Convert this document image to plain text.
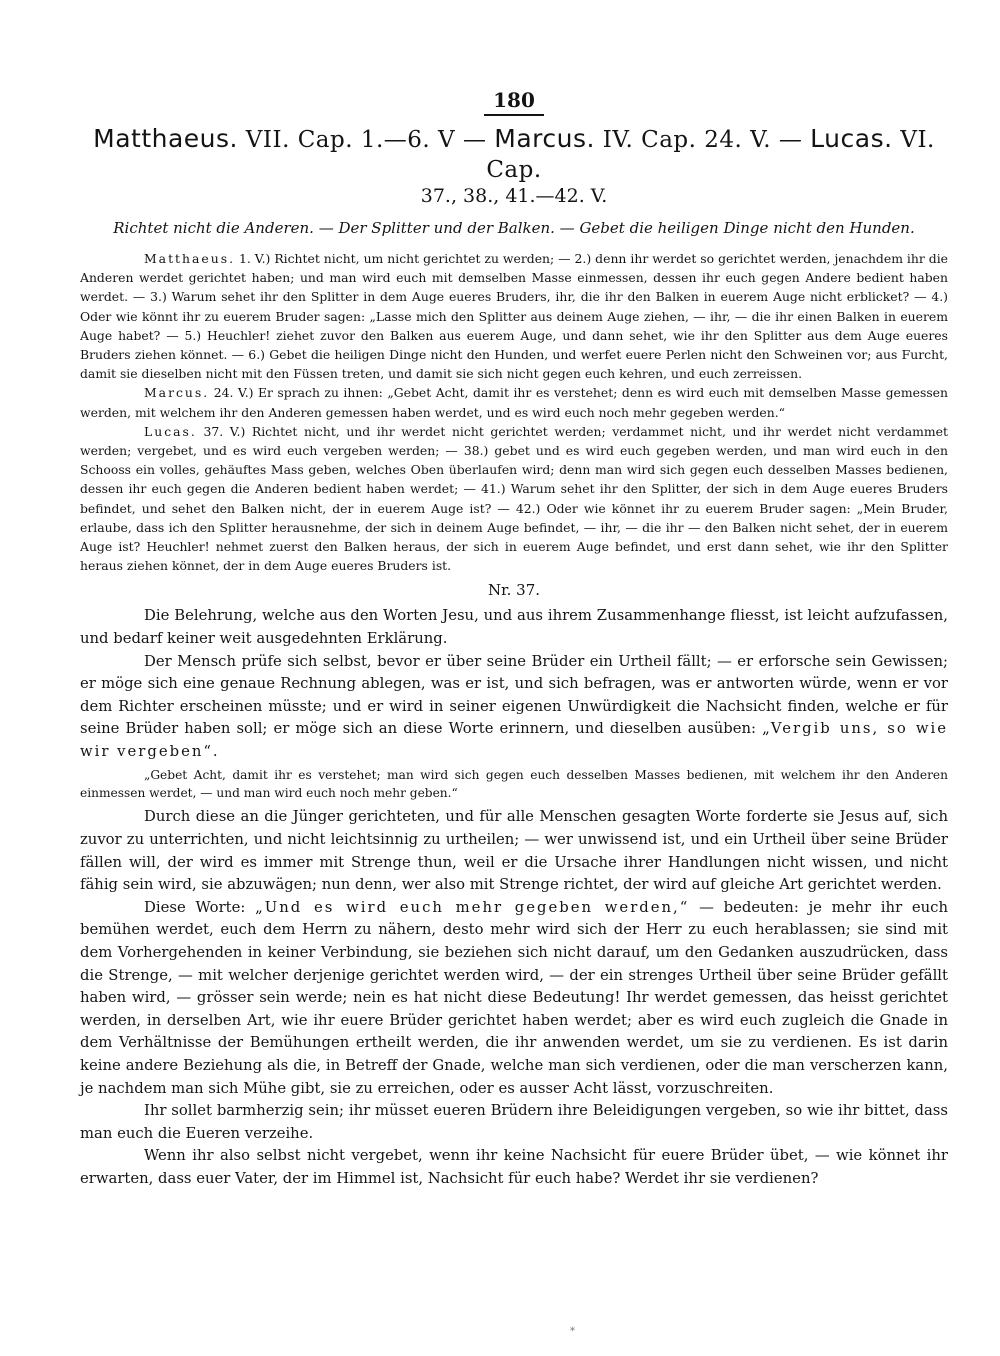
180

Matthaeus. VII. Cap. 1.—6. V — Marcus. IV. Cap. 24. V. — Lucas. VI. Cap.

37., 38., 41.—42. V.

Richtet nicht die Anderen. — Der Splitter und der Balken. — Gebet die heiligen Dinge nicht den Hunden.

Matthaeus. 1. V.) Richtet nicht, um nicht gerichtet zu werden; — 2.) denn ihr werdet so gerichtet werden, jenachdem ihr die Anderen werdet gerichtet haben; und man wird euch mit demselben Masse einmessen, dessen ihr euch gegen Andere bedient haben werdet. — 3.) Warum sehet ihr den Splitter in dem Auge eueres Bruders, ihr, die ihr den Balken in euerem Auge nicht erblicket? — 4.) Oder wie könnt ihr zu euerem Bruder sagen: „Lasse mich den Splitter aus deinem Auge ziehen, — ihr, — die ihr einen Balken in euerem Auge habet? — 5.) Heuchler! ziehet zuvor den Balken aus euerem Auge, und dann sehet, wie ihr den Splitter aus dem Auge eueres Bruders ziehen könnet. — 6.) Gebet die heiligen Dinge nicht den Hunden, und werfet euere Perlen nicht den Schweinen vor; aus Furcht, damit sie dieselben nicht mit den Füssen treten, und damit sie sich nicht gegen euch kehren, und euch zerreissen.

Marcus. 24. V.) Er sprach zu ihnen: „Gebet Acht, damit ihr es verstehet; denn es wird euch mit demselben Masse gemessen werden, mit welchem ihr den Anderen gemessen haben werdet, und es wird euch noch mehr gegeben werden.“

Lucas. 37. V.) Richtet nicht, und ihr werdet nicht gerichtet werden; verdammet nicht, und ihr werdet nicht verdammet werden; vergebet, und es wird euch vergeben werden; — 38.) gebet und es wird euch gegeben werden, und man wird euch in den Schooss ein volles, gehäuftes Mass geben, welches Oben überlaufen wird; denn man wird sich gegen euch desselben Masses bedienen, dessen ihr euch gegen die Anderen bedient haben werdet; — 41.) Warum sehet ihr den Splitter, der sich in dem Auge eueres Bruders befindet, und sehet den Balken nicht, der in euerem Auge ist? — 42.) Oder wie könnet ihr zu euerem Bruder sagen: „Mein Bruder, erlaube, dass ich den Splitter herausnehme, der sich in deinem Auge befindet, — ihr, — die ihr — den Balken nicht sehet, der in euerem Auge ist? Heuchler! nehmet zuerst den Balken heraus, der sich in euerem Auge befindet, und erst dann sehet, wie ihr den Splitter heraus ziehen könnet, der in dem Auge eueres Bruders ist.

Nr. 37.

Die Belehrung, welche aus den Worten Jesu, und aus ihrem Zusammenhange fliesst, ist leicht aufzufassen, und bedarf keiner weit ausgedehnten Erklärung.

Der Mensch prüfe sich selbst, bevor er über seine Brüder ein Urtheil fällt; — er erforsche sein Gewissen; er möge sich eine genaue Rechnung ablegen, was er ist, und sich befragen, was er antworten würde, wenn er vor dem Richter erscheinen müsste; und er wird in seiner eigenen Unwürdigkeit die Nachsicht finden, welche er für seine Brüder haben soll; er möge sich an diese Worte erinnern, und dieselben ausüben: „Vergib uns, so wie wir vergeben“.

„Gebet Acht, damit ihr es verstehet; man wird sich gegen euch desselben Masses bedienen, mit welchem ihr den Anderen einmessen werdet, — und man wird euch noch mehr geben.“

Durch diese an die Jünger gerichteten, und für alle Menschen gesagten Worte forderte sie Jesus auf, sich zuvor zu unterrichten, und nicht leichtsinnig zu urtheilen; — wer unwissend ist, und ein Urtheil über seine Brüder fällen will, der wird es immer mit Strenge thun, weil er die Ursache ihrer Handlungen nicht wissen, und nicht fähig sein wird, sie abzuwägen; nun denn, wer also mit Strenge richtet, der wird auf gleiche Art gerichtet werden.

Diese Worte: „Und es wird euch mehr gegeben werden,“ — bedeuten: je mehr ihr euch bemühen werdet, euch dem Herrn zu nähern, desto mehr wird sich der Herr zu euch herablassen; sie sind mit dem Vorhergehenden in keiner Verbindung, sie beziehen sich nicht darauf, um den Gedanken auszudrücken, dass die Strenge, — mit welcher derjenige gerichtet werden wird, — der ein strenges Urtheil über seine Brüder gefällt haben wird, — grösser sein werde; nein es hat nicht diese Bedeutung! Ihr werdet gemessen, das heisst gerichtet werden, in derselben Art, wie ihr euere Brüder gerichtet haben werdet; aber es wird euch zugleich die Gnade in dem Verhältnisse der Bemühungen ertheilt werden, die ihr anwenden werdet, um sie zu verdienen. Es ist darin keine andere Beziehung als die, in Betreff der Gnade, welche man sich verdienen, oder die man verscherzen kann, je nachdem man sich Mühe gibt, sie zu erreichen, oder es ausser Acht lässt, vorzuschreiten.

Ihr sollet barmherzig sein; ihr müsset eueren Brüdern ihre Beleidigungen vergeben, so wie ihr bittet, dass man euch die Eueren verzeihe.

Wenn ihr also selbst nicht vergebet, wenn ihr keine Nachsicht für euere Brüder übet, — wie könnet ihr erwarten, dass euer Vater, der im Himmel ist, Nachsicht für euch habe? Werdet ihr sie verdienen?

*
